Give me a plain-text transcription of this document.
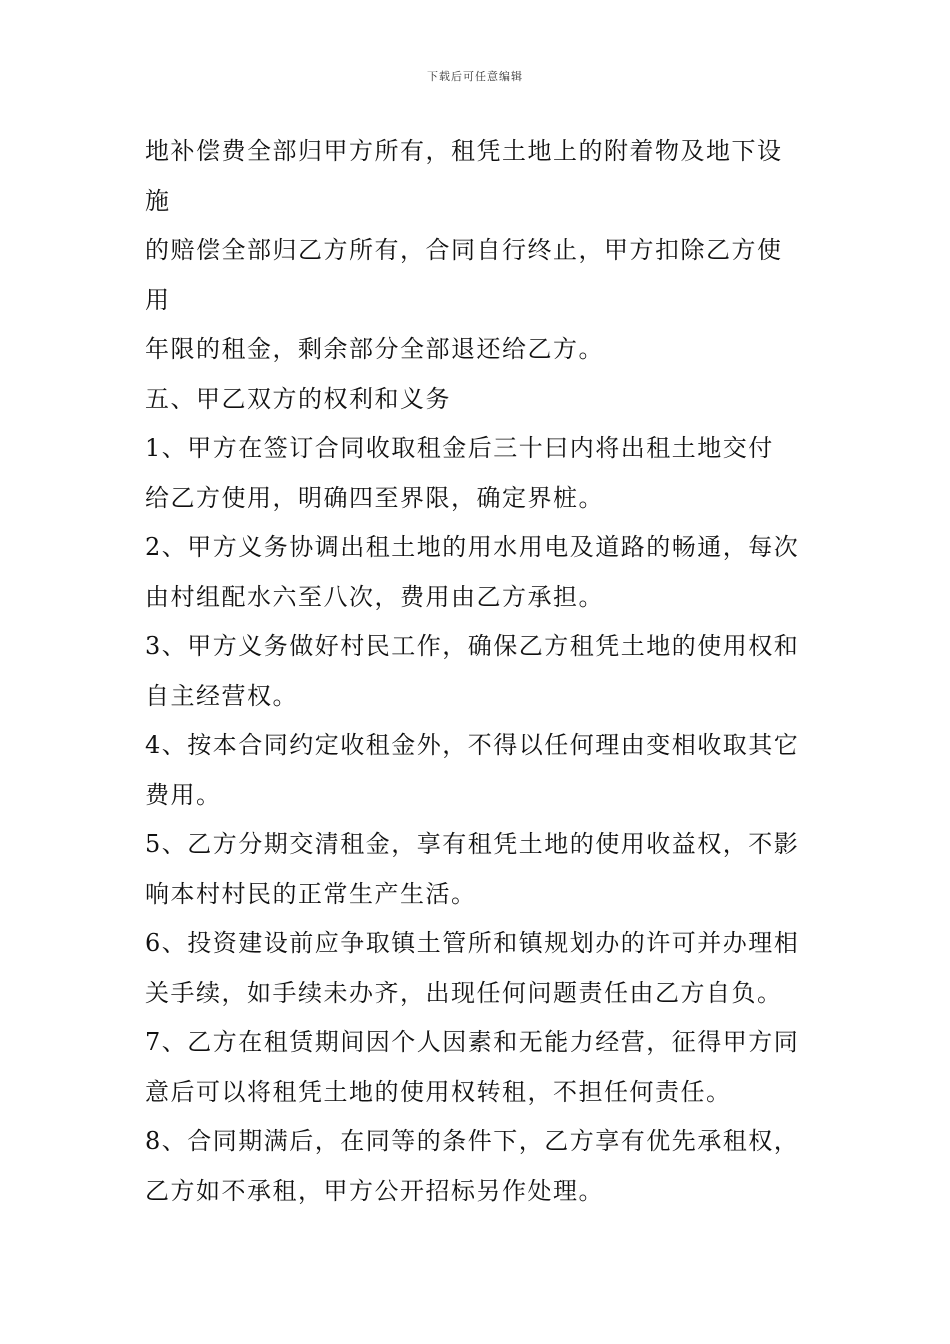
下载后可任意编辑
地补偿费全部归甲方所有，租凭土地上的附着物及地下设
施
的赔偿全部归乙方所有，合同自行终止，甲方扣除乙方使
用
年限的租金，剩余部分全部退还给乙方。
五、甲乙双方的权利和义务
1、甲方在签订合同收取租金后三十曰内将出租土地交付
给乙方使用，明确四至界限，确定界桩。
2、甲方义务协调出租土地的用水用电及道路的畅通，每次
由村组配水六至八次，费用由乙方承担。
3、甲方义务做好村民工作，确保乙方租凭土地的使用权和
自主经营权。
4、按本合同约定收租金外，不得以任何理由变相收取其它
费用。
5、乙方分期交清租金，享有租凭土地的使用收益权，不影
响本村村民的正常生产生活。
6、投资建设前应争取镇土管所和镇规划办的许可并办理相
关手续，如手续未办齐，出现任何问题责任由乙方自负。
7、乙方在租赁期间因个人因素和无能力经营，征得甲方同
意后可以将租凭土地的使用权转租，不担任何责任。
8、合同期满后，在同等的条件下，乙方享有优先承租权，
乙方如不承租，甲方公开招标另作处理。
